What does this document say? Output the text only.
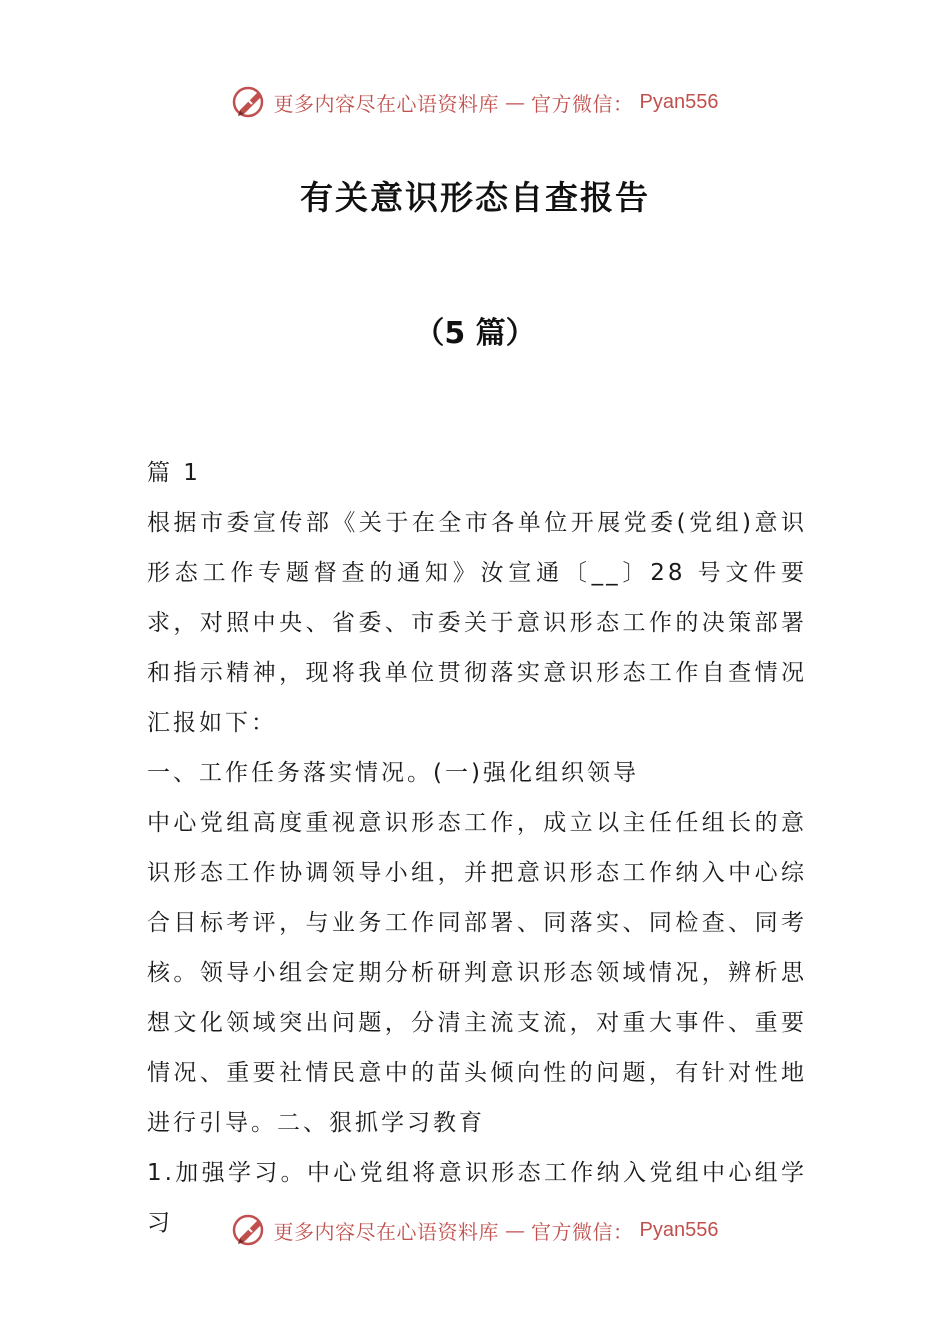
更多内容尽在心语资料库 — 官方微信： Pyan556
有关意识形态自查报告
（5 篇）

篇 1

根据市委宣传部《关于在全市各单位开展党委(党组)意识形态工作专题督查的通知》汝宣通〔__〕28 号文件要求，对照中央、省委、市委关于意识形态工作的决策部署和指示精神，现将我单位贯彻落实意识形态工作自查情况汇报如下：

一、工作任务落实情况。(一)强化组织领导

中心党组高度重视意识形态工作，成立以主任任组长的意识形态工作协调领导小组，并把意识形态工作纳入中心综合目标考评，与业务工作同部署、同落实、同检查、同考核。领导小组会定期分析研判意识形态领域情况，辨析思想文化领域突出问题，分清主流支流，对重大事件、重要情况、重要社情民意中的苗头倾向性的问题，有针对性地进行引导。二、狠抓学习教育

1.加强学习。中心党组将意识形态工作纳入党组中心组学习	更多内容尽在心语资料库 — 官方微信： Pyan556
